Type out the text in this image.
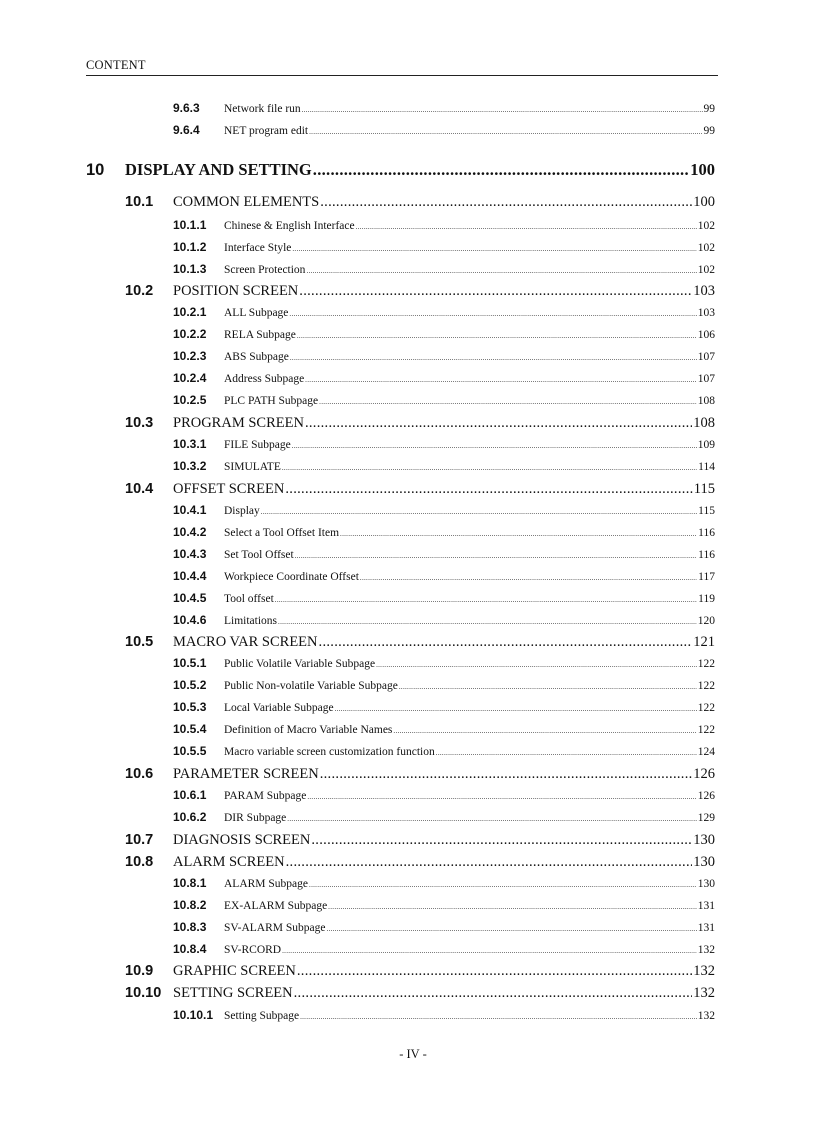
CONTENT
9.6.3	Network file run .....	99
9.6.4	NET program edit .....	99
10	DISPLAY AND SETTING .....	100
10.1	COMMON ELEMENTS .....	100
10.1.1	Chinese & English Interface .....	102
10.1.2	Interface Style .....	102
10.1.3	Screen Protection .....	102
10.2	POSITION SCREEN .....	103
10.2.1	ALL Subpage .....	103
10.2.2	RELA Subpage .....	106
10.2.3	ABS Subpage .....	107
10.2.4	Address Subpage .....	107
10.2.5	PLC PATH Subpage .....	108
10.3	PROGRAM SCREEN .....	108
10.3.1	FILE Subpage .....	109
10.3.2	SIMULATE .....	114
10.4	OFFSET SCREEN .....	115
10.4.1	Display .....	115
10.4.2	Select a Tool Offset Item .....	116
10.4.3	Set Tool Offset .....	116
10.4.4	Workpiece Coordinate Offset .....	117
10.4.5	Tool offset .....	119
10.4.6	Limitations .....	120
10.5	MACRO VAR SCREEN .....	121
10.5.1	Public Volatile Variable Subpage .....	122
10.5.2	Public Non-volatile Variable Subpage .....	122
10.5.3	Local Variable Subpage .....	122
10.5.4	Definition of Macro Variable Names .....	122
10.5.5	Macro variable screen customization function .....	124
10.6	PARAMETER SCREEN .....	126
10.6.1	PARAM Subpage .....	126
10.6.2	DIR Subpage .....	129
10.7	DIAGNOSIS SCREEN .....	130
10.8	ALARM SCREEN .....	130
10.8.1	ALARM Subpage .....	130
10.8.2	EX-ALARM Subpage .....	131
10.8.3	SV-ALARM Subpage .....	131
10.8.4	SV-RCORD .....	132
10.9	GRAPHIC SCREEN .....	132
10.10 SETTING SCREEN .....	132
10.10.1 Setting Subpage .....	132
- IV -
